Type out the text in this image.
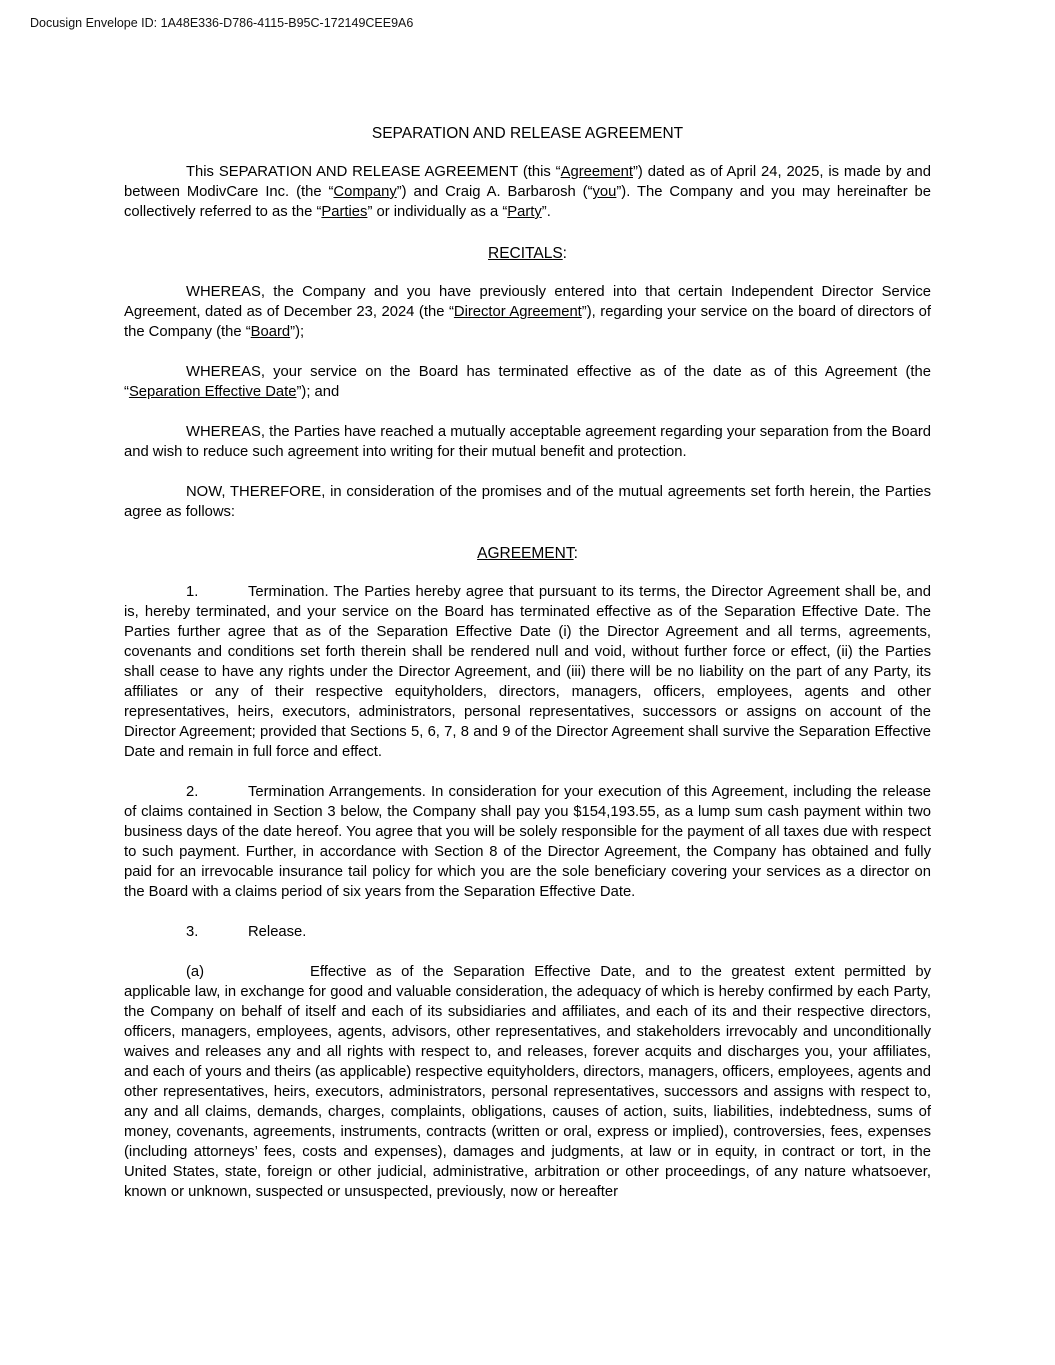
Docusign Envelope ID: 1A48E336-D786-4115-B95C-172149CEE9A6
SEPARATION AND RELEASE AGREEMENT

This SEPARATION AND RELEASE AGREEMENT (this “Agreement”) dated as of April 24, 2025, is made by and between ModivCare Inc. (the “Company”) and Craig A. Barbarosh (“you”). The Company and you may hereinafter be collectively referred to as the “Parties” or individually as a “Party”.

RECITALS:

WHEREAS, the Company and you have previously entered into that certain Independent Director Service Agreement, dated as of December 23, 2024 (the “Director Agreement”), regarding your service on the board of directors of the Company (the “Board”);

WHEREAS, your service on the Board has terminated effective as of the date as of this Agreement (the “Separation Effective Date”); and

WHEREAS, the Parties have reached a mutually acceptable agreement regarding your separation from the Board and wish to reduce such agreement into writing for their mutual benefit and protection.

NOW, THEREFORE, in consideration of the promises and of the mutual agreements set forth herein, the Parties agree as follows:

AGREEMENT:

1.	Termination. The Parties hereby agree that pursuant to its terms, the Director Agreement shall be, and is, hereby terminated, and your service on the Board has terminated effective as of the Separation Effective Date. The Parties further agree that as of the Separation Effective Date (i) the Director Agreement and all terms, agreements, covenants and conditions set forth therein shall be rendered null and void, without further force or effect, (ii) the Parties shall cease to have any rights under the Director Agreement, and (iii) there will be no liability on the part of any Party, its affiliates or any of their respective equityholders, directors, managers, officers, employees, agents and other representatives, heirs, executors, administrators, personal representatives, successors or assigns on account of the Director Agreement; provided that Sections 5, 6, 7, 8 and 9 of the Director Agreement shall survive the Separation Effective Date and remain in full force and effect.

2.	Termination Arrangements. In consideration for your execution of this Agreement, including the release of claims contained in Section 3 below, the Company shall pay you $154,193.55, as a lump sum cash payment within two business days of the date hereof. You agree that you will be solely responsible for the payment of all taxes due with respect to such payment. Further, in accordance with Section 8 of the Director Agreement, the Company has obtained and fully paid for an irrevocable insurance tail policy for which you are the sole beneficiary covering your services as a director on the Board with a claims period of six years from the Separation Effective Date.

3.	Release.

(a)	Effective as of the Separation Effective Date, and to the greatest extent permitted by applicable law, in exchange for good and valuable consideration, the adequacy of which is hereby confirmed by each Party, the Company on behalf of itself and each of its subsidiaries and affiliates, and each of its and their respective directors, officers, managers, employees, agents, advisors, other representatives, and stakeholders irrevocably and unconditionally waives and releases any and all rights with respect to, and releases, forever acquits and discharges you, your affiliates, and each of yours and theirs (as applicable) respective equityholders, directors, managers, officers, employees, agents and other representatives, heirs, executors, administrators, personal representatives, successors and assigns with respect to, any and all claims, demands, charges, complaints, obligations, causes of action, suits, liabilities, indebtedness, sums of money, covenants, agreements, instruments, contracts (written or oral, express or implied), controversies, fees, expenses (including attorneys’ fees, costs and expenses), damages and judgments, at law or in equity, in contract or tort, in the United States, state, foreign or other judicial, administrative, arbitration or other proceedings, of any nature whatsoever, known or unknown, suspected or unsuspected, previously, now or hereafter
